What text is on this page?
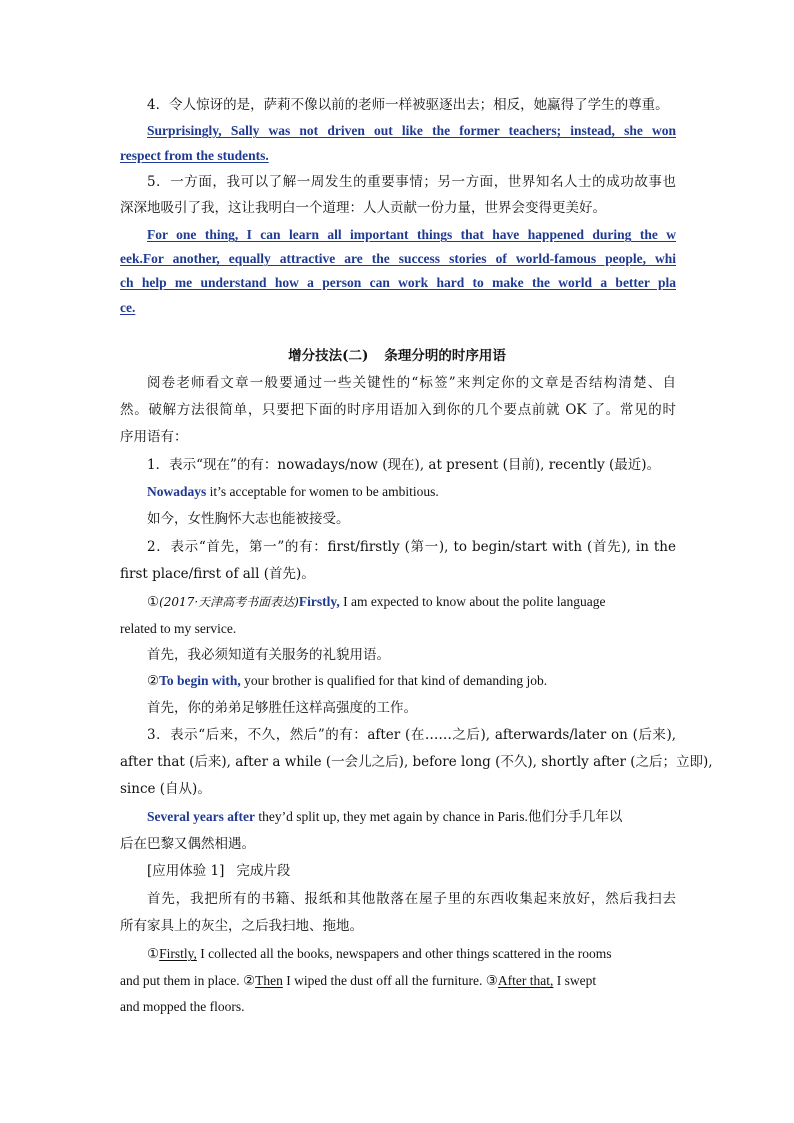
4．令人惊讶的是，萨莉不像以前的老师一样被驱逐出去；相反，她赢得了学生的尊重。
Surprisingly, Sally was not driven out like the former teachers; instead, she won
respect from the students.
5．一方面，我可以了解一周发生的重要事情；另一方面，世界知名人士的成功故事也
深深地吸引了我，这让我明白一个道理：人人贡献一份力量，世界会变得更美好。
For one thing, I can learn all important things that have happened during the w
eek.For another, equally attractive are the success stories of world-famous people, whi
ch help me understand how a person can work hard to make the world a better pla
ce.
增分技法(二) 条理分明的时序用语
阅卷老师看文章一般要通过一些关键性的“标签”来判定你的文章是否结构清楚、自
然。破解方法很简单，只要把下面的时序用语加入到你的几个要点前就 OK 了。常见的时
序用语有：
1．表示“现在”的有：nowadays/now (现在), at present (目前), recently (最近)。
Nowadays it’s acceptable for women to be ambitious.
如今，女性胸怀大志也能被接受。
2．表示“首先，第一”的有：first/firstly (第一), to begin/start with (首先), in the
first place/first of all (首先)。
①(2017·天津高考书面表达)Firstly, I am expected to know about the polite language
related to my service.
首先，我必须知道有关服务的礼貌用语。
②To begin with, your brother is qualified for that kind of demanding job.
首先，你的弟弟足够胜任这样高强度的工作。
3．表示“后来，不久，然后”的有：after (在……之后), afterwards/later on (后来),
after that (后来), after a while (一会儿之后), before long (不久), shortly after (之后；立即),
since (自从)。
Several years after they’d split up, they met again by chance in Paris.他们分手几年以
后在巴黎又偶然相遇。
[应用体验 1] 完成片段
首先，我把所有的书籍、报纸和其他散落在屋子里的东西收集起来放好，然后我扫去
所有家具上的灰尘，之后我扫地、拖地。
①Firstly, I collected all the books, newspapers and other things scattered in the rooms
and put them in place. ②Then I wiped the dust off all the furniture. ③After that, I swept
and mopped the floors.
